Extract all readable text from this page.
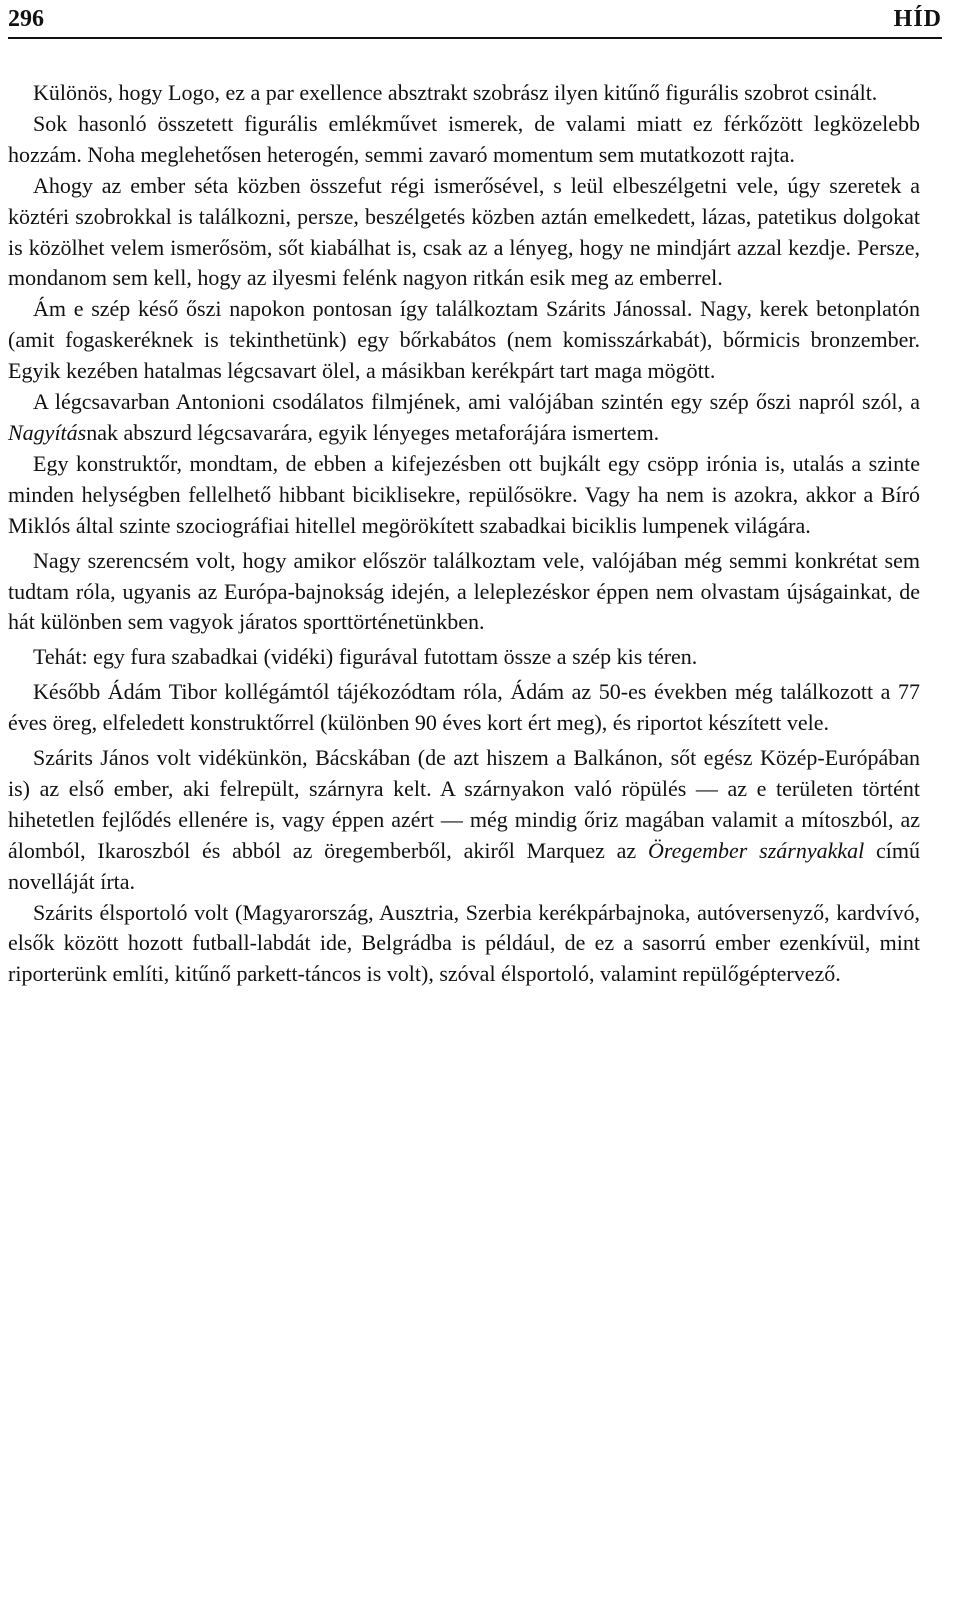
296	HÍD

Különös, hogy Logo, ez a par exellence absztrakt szobrász ilyen kitűnő figurális szobrot csinált.

Sok hasonló összetett figurális emlékművet ismerek, de valami miatt ez férkőzött legközelebb hozzám. Noha meglehetősen heterogén, semmi zavaró momentum sem mutatkozott rajta.

Ahogy az ember séta közben összefut régi ismerősével, s leül elbeszélgetni vele, úgy szeretek a köztéri szobrokkal is találkozni, persze, beszélgetés közben aztán emelkedett, lázas, patetikus dolgokat is közölhet velem ismerősöm, sőt kiabálhat is, csak az a lényeg, hogy ne mindjárt azzal kezdje. Persze, mondanom sem kell, hogy az ilyesmi felénk nagyon ritkán esik meg az emberrel.

Ám e szép késő őszi napokon pontosan így találkoztam Szárits Jánossal. Nagy, kerek betonplatón (amit fogaskeréknek is tekinthetünk) egy bőrkabátos (nem komisszárkabát), bőrmicis bronzember. Egyik kezében hatalmas légcsavart ölel, a másikban kerékpárt tart maga mögött.

A légcsavarban Antonioni csodálatos filmjének, ami valójában szintén egy szép őszi napról szól, a Nagyításnak abszurd légcsavarára, egyik lényeges metaforájára ismertem.

Egy konstruktőr, mondtam, de ebben a kifejezésben ott bujkált egy csöpp irónia is, utalás a szinte minden helységben fellelhető hibbant biciklisekre, repülősökre. Vagy ha nem is azokra, akkor a Bíró Miklós által szinte szociográfiai hitellel megörökített szabadkai biciklis lumpenek világára.

Nagy szerencsém volt, hogy amikor először találkoztam vele, valójában még semmi konkrétat sem tudtam róla, ugyanis az Európa-bajnokság idején, a leleplezéskor éppen nem olvastam újságainkat, de hát különben sem vagyok járatos sporttörténetünkben.

Tehát: egy fura szabadkai (vidéki) figurával futottam össze a szép kis téren.

Később Ádám Tibor kollégámtól tájékozódtam róla, Ádám az 50-es években még találkozott a 77 éves öreg, elfeledett konstruktőrrel (különben 90 éves kort ért meg), és riportot készített vele.

Szárits János volt vidékünkön, Bácskában (de azt hiszem a Balkánon, sőt egész Közép-Európában is) az első ember, aki felrepült, szárnyra kelt. A szárnyakon való röpülés — az e területen történt hihetetlen fejlődés ellenére is, vagy éppen azért — még mindig őriz magában valamit a mítoszból, az álomból, Ikaroszból és abból az öregemberből, akiről Marquez az Öregember szárnyakkal című novelláját írta.

Szárits élsportoló volt (Magyarország, Ausztria, Szerbia kerékpárbajnoka, autóversenyző, kardvívó, elsők között hozott futball-labdát ide, Belgrádba is például, de ez a sasorrú ember ezenkívül, mint riporterünk említi, kitűnő parkett-táncos is volt), szóval élsportoló, valamint repülőgéptervező.
